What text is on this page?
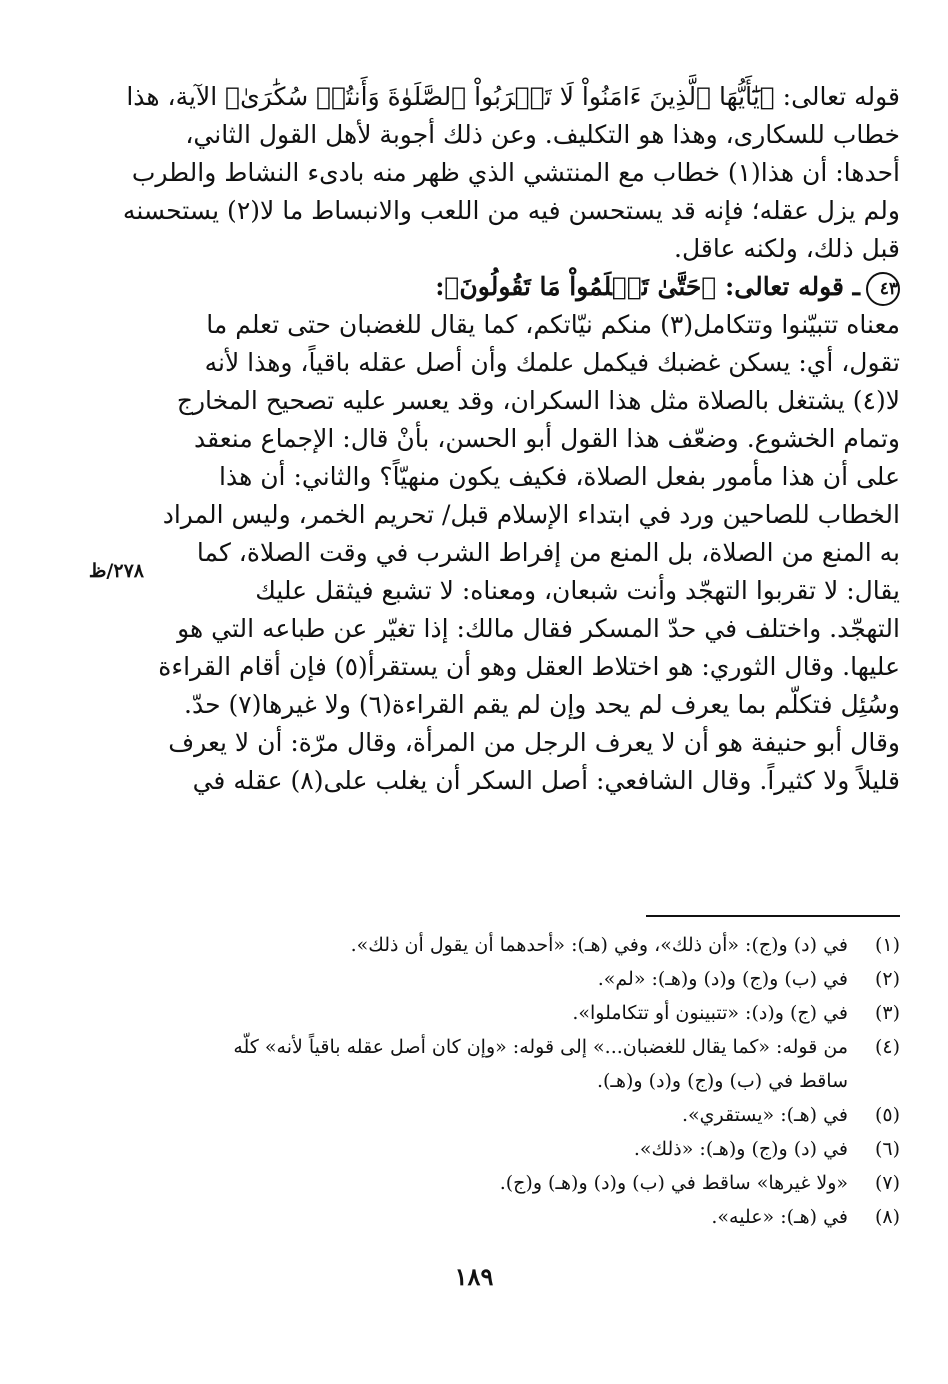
قوله تعالى: ﴿يَٰٓأَيُّهَا ٱلَّذِينَ ءَامَنُواْ لَا تَقۡرَبُواْ ٱلصَّلَوٰةَ وَأَنتُمۡ سُكَٰرَىٰ﴾ الآية، هذا
خطاب للسكارى، وهذا هو التكليف. وعن ذلك أجوبة لأهل القول الثاني،
أحدها: أن هذا(١) خطاب مع المنتشي الذي ظهر منه بادىء النشاط والطرب
ولم يزل عقله؛ فإنه قد يستحسن فيه من اللعب والانبساط ما لا(٢) يستحسنه
قبل ذلك، ولكنه عاقل.
٤٣ـ قوله تعالى: ﴿حَتَّىٰ تَعۡلَمُواْ مَا تَقُولُونَ﴾:
معناه تتبيّنوا وتتكامل(٣) منكم نيّاتكم، كما يقال للغضبان حتى تعلم ما
تقول، أي: يسكن غضبك فيكمل علمك وأن أصل عقله باقياً، وهذا لأنه
لا(٤) يشتغل بالصلاة مثل هذا السكران، وقد يعسر عليه تصحيح المخارج
وتمام الخشوع. وضعّف هذا القول أبو الحسن، بأنْ قال: الإجماع منعقد
على أن هذا مأمور بفعل الصلاة، فكيف يكون منهيّاً؟ والثاني: أن هذا
الخطاب للصاحين ورد في ابتداء الإسلام قبل/ تحريم الخمر، وليس المراد
به المنع من الصلاة، بل المنع من إفراط الشرب في وقت الصلاة، كما
يقال: لا تقربوا التهجّد وأنت شبعان، ومعناه: لا تشبع فيثقل عليك
التهجّد. واختلف في حدّ المسكر فقال مالك: إذا تغيّر عن طباعه التي هو
عليها. وقال الثوري: هو اختلاط العقل وهو أن يستقرأ(٥) فإن أقام القراءة
وسُئِل فتكلّم بما يعرف لم يحد وإن لم يقم القراءة(٦) ولا غيرها(٧) حدّ.
وقال أبو حنيفة هو أن لا يعرف الرجل من المرأة، وقال مرّة: أن لا يعرف
قليلاً ولا كثيراً. وقال الشافعي: أصل السكر أن يغلب على(٨) عقله في
٢٧٨/ظ
(١)
في (د) و(ج): «أن ذلك»، وفي (هـ): «أحدهما أن يقول أن ذلك».
(٢)
في (ب) و(ج) و(د) و(هـ): «لم».
(٣)
في (ج) و(د): «تتبينون أو تتكاملوا».
(٤)
من قوله: «كما يقال للغضبان...» إلى قوله: «وإن كان أصل عقله باقياً لأنه» كلّه
ساقط في (ب) و(ج) و(د) و(هـ).
(٥)
في (هـ): «يستقري».
(٦)
في (د) و(ج) و(هـ): «ذلك».
(٧)
«ولا غيرها» ساقط في (ب) و(د) و(هـ) و(ج).
(٨)
في (هـ): «عليه».
١٨٩
